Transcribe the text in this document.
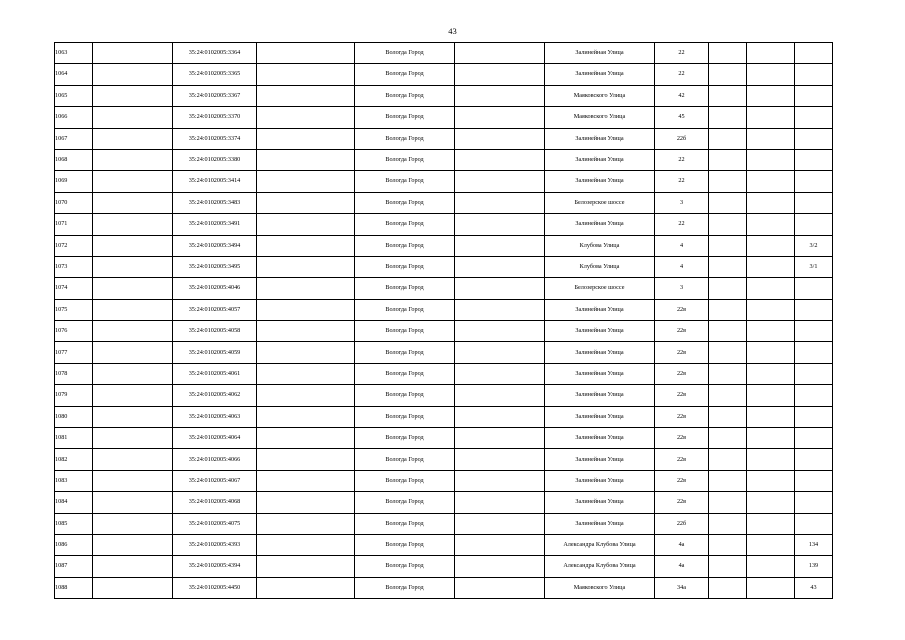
43
1063		35:24:0102005:3364		Вологда Город		Залинейная Улица	22			
1064		35:24:0102005:3365		Вологда Город		Залинейная Улица	22			
1065		35:24:0102005:3367		Вологда Город		Маяковского Улица	42			
1066		35:24:0102005:3370		Вологда Город		Маяковского Улица	45			
1067		35:24:0102005:3374		Вологда Город		Залинейная Улица	22б			
1068		35:24:0102005:3380		Вологда Город		Залинейная Улица	22			
1069		35:24:0102005:3414		Вологда Город		Залинейная Улица	22			
1070		35:24:0102005:3483		Вологда Город		Белозерское шоссе	3			
1071		35:24:0102005:3491		Вологда Город		Залинейная Улица	22			
1072		35:24:0102005:3494		Вологда Город		Клубова Улица	4			3/2
1073		35:24:0102005:3495		Вологда Город		Клубова Улица	4			3/1
1074		35:24:0102005:4046		Вологда Город		Белозерское шоссе	3			
1075		35:24:0102005:4057		Вологда Город		Залинейная Улица	22в			
1076		35:24:0102005:4058		Вологда Город		Залинейная Улица	22в			
1077		35:24:0102005:4059		Вологда Город		Залинейная Улица	22в			
1078		35:24:0102005:4061		Вологда Город		Залинейная Улица	22в			
1079		35:24:0102005:4062		Вологда Город		Залинейная Улица	22в			
1080		35:24:0102005:4063		Вологда Город		Залинейная Улица	22в			
1081		35:24:0102005:4064		Вологда Город		Залинейная Улица	22в			
1082		35:24:0102005:4066		Вологда Город		Залинейная Улица	22в			
1083		35:24:0102005:4067		Вологда Город		Залинейная Улица	22в			
1084		35:24:0102005:4068		Вологда Город		Залинейная Улица	22в			
1085		35:24:0102005:4075		Вологда Город		Залинейная Улица	22б			
1086		35:24:0102005:4393		Вологда Город		Александра Клубова Улица	4а			134
1087		35:24:0102005:4394		Вологда Город		Александра Клубова Улица	4а			139
1088		35:24:0102005:4450		Вологда Город		Маяковского Улица	34а			43
